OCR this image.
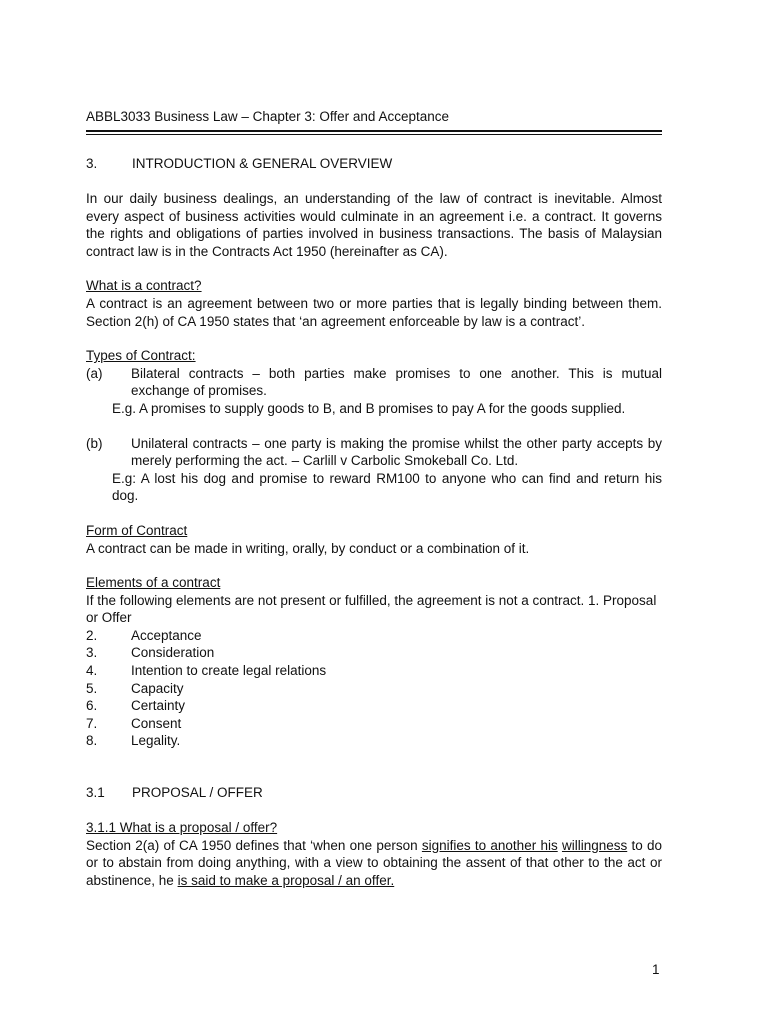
ABBL3033 Business Law – Chapter 3: Offer and Acceptance
3.	INTRODUCTION & GENERAL OVERVIEW

In our daily business dealings, an understanding of the law of contract is inevitable. Almost every aspect of business activities would culminate in an agreement i.e. a contract. It governs the rights and obligations of parties involved in business transactions. The basis of Malaysian contract law is in the Contracts Act 1950 (hereinafter as CA).

What is a contract?

A contract is an agreement between two or more parties that is legally binding between them. Section 2(h) of CA 1950 states that ‘an agreement enforceable by law is a contract’.

Types of Contract:
(a)	Bilateral contracts – both parties make promises to one another. This is mutual exchange of promises.
E.g. A promises to supply goods to B, and B promises to pay A for the goods supplied.
(b)	Unilateral contracts – one party is making the promise whilst the other party accepts by merely performing the act. – Carlill v Carbolic Smokeball Co. Ltd.
E.g: A lost his dog and promise to reward RM100 to anyone who can find and return his dog.
Form of Contract

A contract can be made in writing, orally, by conduct or a combination of it.

Elements of a contract

If the following elements are not present or fulfilled, the agreement is not a contract. 1. Proposal or Offer

2.	Acceptance
3.	Consideration
4.	Intention to create legal relations
5.	Capacity
6.	Certainty
7.	Consent
8.	Legality.
3.1	PROPOSAL / OFFER
3.1.1 What is a proposal / offer?

Section 2(a) of CA 1950 defines that ‘when one person signifies to another his willingness to do or to abstain from doing anything, with a view to obtaining the assent of that other to the act or abstinence, he is said to make a proposal / an offer.

1
